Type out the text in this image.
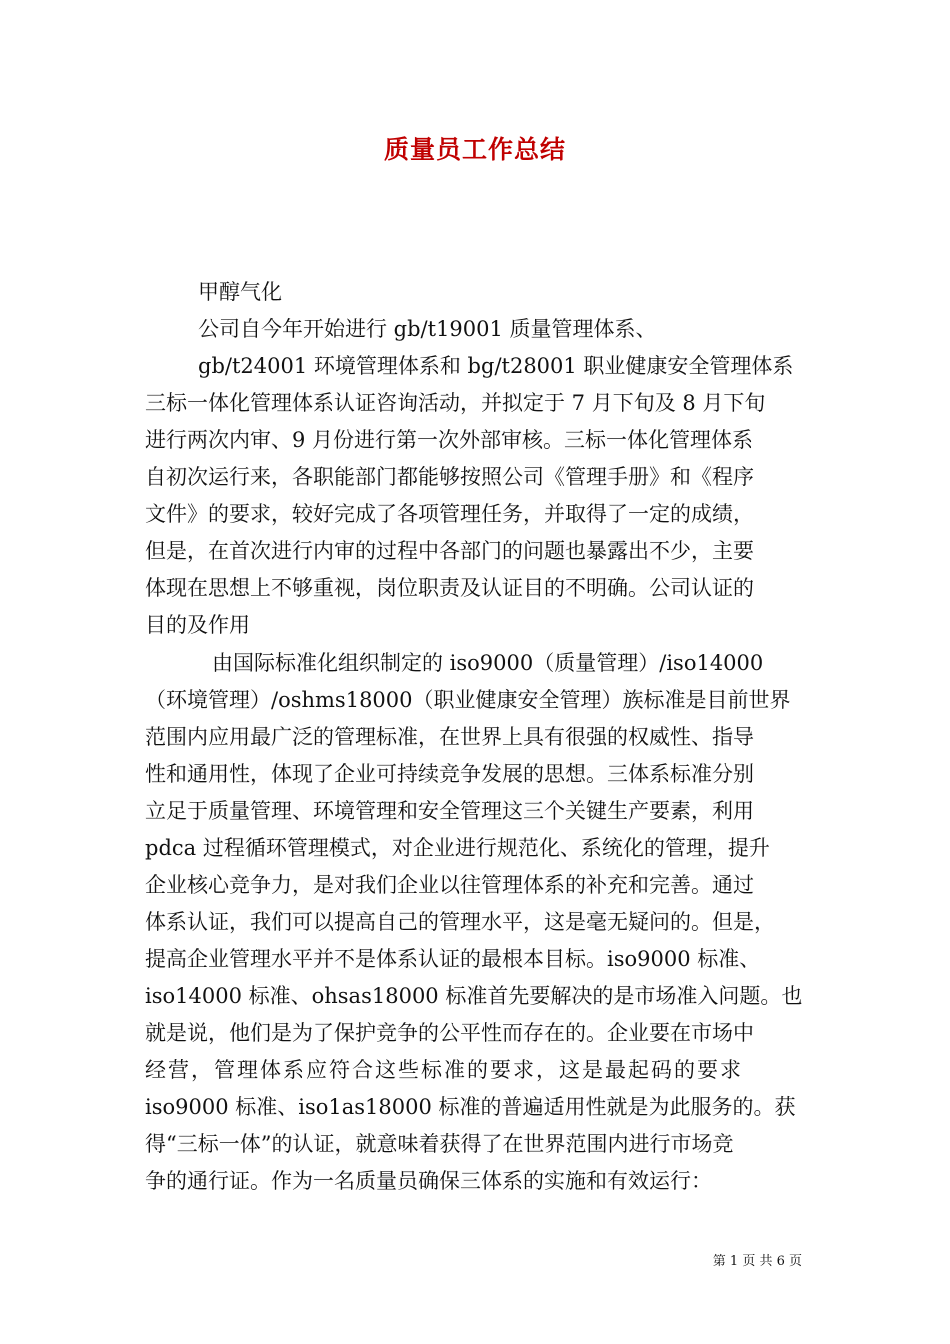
质量员工作总结
甲醇气化
公司自今年开始进行 gb/t19001 质量管理体系、
gb/t24001 环境管理体系和 bg/t28001 职业健康安全管理体系
三标一体化管理体系认证咨询活动，并拟定于 7 月下旬及 8 月下旬
进行两次内审、9 月份进行第一次外部审核。三标一体化管理体系
自初次运行来，各职能部门都能够按照公司《管理手册》和《程序
文件》的要求，较好完成了各项管理任务，并取得了一定的成绩，
但是，在首次进行内审的过程中各部门的问题也暴露出不少，主要
体现在思想上不够重视，岗位职责及认证目的不明确。公司认证的
目的及作用
由国际标准化组织制定的 iso9000（质量管理）/iso14000
（环境管理）/oshms18000（职业健康安全管理）族标准是目前世界
范围内应用最广泛的管理标准，在世界上具有很强的权威性、指导
性和通用性，体现了企业可持续竞争发展的思想。三体系标准分别
立足于质量管理、环境管理和安全管理这三个关键生产要素，利用
pdca 过程循环管理模式，对企业进行规范化、系统化的管理，提升
企业核心竞争力，是对我们企业以往管理体系的补充和完善。通过
体系认证，我们可以提高自己的管理水平，这是毫无疑问的。但是，
提高企业管理水平并不是体系认证的最根本目标。iso9000 标准、
iso14000 标准、ohsas18000 标准首先要解决的是市场准入问题。也
就是说，他们是为了保护竞争的公平性而存在的。企业要在市场中
经营，管理体系应符合这些标准的要求，这是最起码的要求
iso9000 标准、iso1as18000 标准的普遍适用性就是为此服务的。获
得“三标一体”的认证，就意味着获得了在世界范围内进行市场竞
争的通行证。作为一名质量员确保三体系的实施和有效运行：
第 1 页 共 6 页
